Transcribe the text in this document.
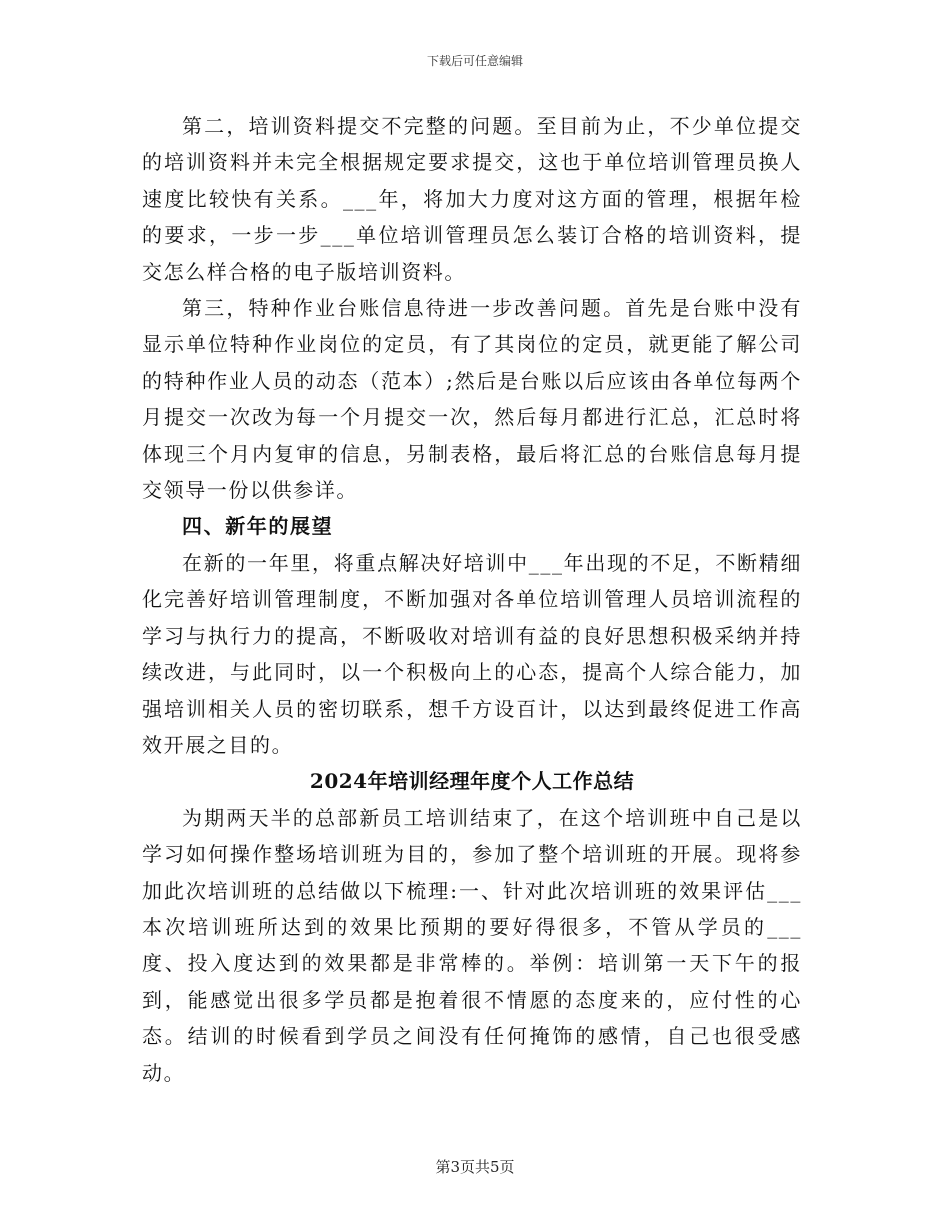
下载后可任意编辑

第二，培训资料提交不完整的问题。至目前为止，不少单位提交的培训资料并未完全根据规定要求提交，这也于单位培训管理员换人速度比较快有关系。___年，将加大力度对这方面的管理，根据年检的要求，一步一步___单位培训管理员怎么装订合格的培训资料，提交怎么样合格的电子版培训资料。

第三，特种作业台账信息待进一步改善问题。首先是台账中没有显示单位特种作业岗位的定员，有了其岗位的定员，就更能了解公司的特种作业人员的动态（范本）;然后是台账以后应该由各单位每两个月提交一次改为每一个月提交一次，然后每月都进行汇总，汇总时将体现三个月内复审的信息，另制表格，最后将汇总的台账信息每月提交领导一份以供参详。

四、新年的展望

在新的一年里，将重点解决好培训中___年出现的不足，不断精细化完善好培训管理制度，不断加强对各单位培训管理人员培训流程的学习与执行力的提高，不断吸收对培训有益的良好思想积极采纳并持续改进，与此同时，以一个积极向上的心态，提高个人综合能力，加强培训相关人员的密切联系，想千方设百计，以达到最终促进工作高效开展之目的。

2024年培训经理年度个人工作总结

为期两天半的总部新员工培训结束了，在这个培训班中自己是以学习如何操作整场培训班为目的，参加了整个培训班的开展。现将参加此次培训班的总结做以下梳理:一、针对此次培训班的效果评估___本次培训班所达到的效果比预期的要好得很多，不管从学员的___度、投入度达到的效果都是非常棒的。举例：培训第一天下午的报到，能感觉出很多学员都是抱着很不情愿的态度来的，应付性的心态。结训的时候看到学员之间没有任何掩饰的感情，自己也很受感动。

第3页共5页
